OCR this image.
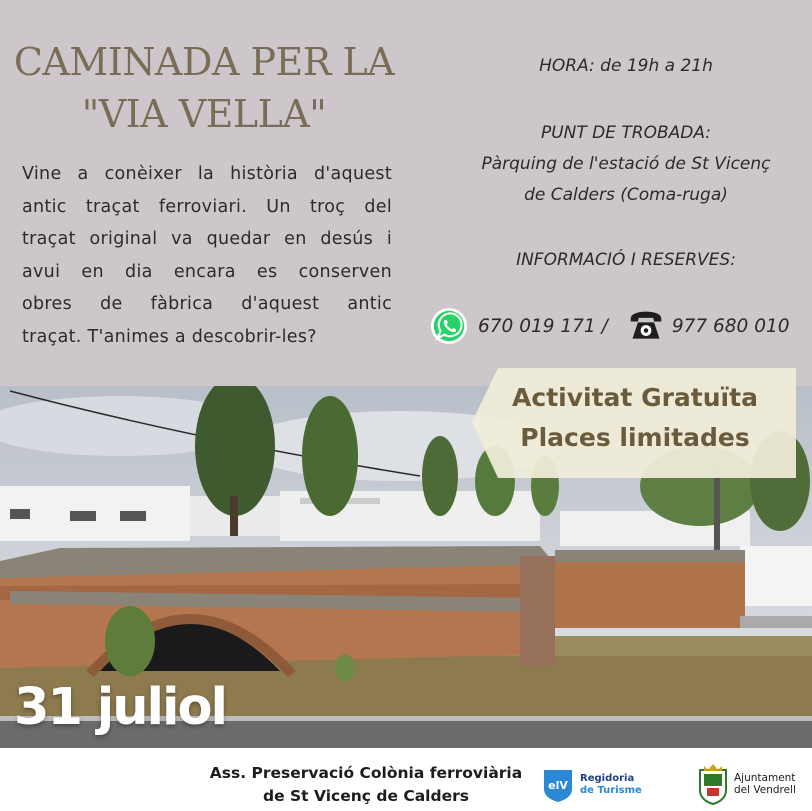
CAMINADA PER LA
"VIA VELLA"
Vine a conèixer la història d'aquest
antic traçat ferroviari. Un troç del
traçat original va quedar en desús i
avui en dia encara es conserven
obres de fàbrica d'aquest antic
traçat. T'animes a descobrir-les?
HORA: de 19h a 21h
PUNT DE TROBADA:
Pàrquing de l'estació de St Vicenç
de Calders (Coma-ruga)
INFORMACIÓ I RESERVES:
670 019 171 /	977 680 010
Activitat Gratuïta
Places limitades
31 juliol
Ass. Preservació Colònia ferroviària
de St Vicenç de Calders
elV
Regidoria
de Turisme
Ajuntament
del Vendrell
